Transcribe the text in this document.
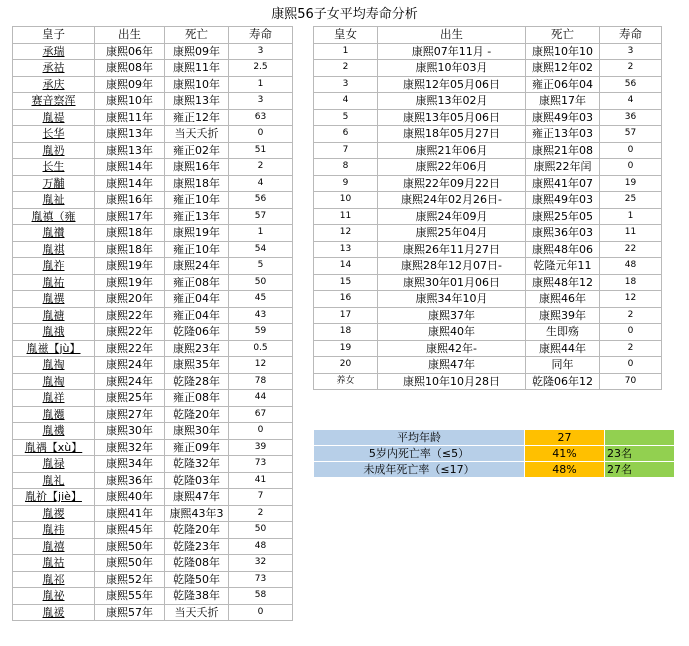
康熙56子女平均寿命分析
皇子	出生	死亡	寿命
承瑞	康熙06年	康熙09年	3
承祜	康熙08年	康熙11年	2.5
承庆	康熙09年	康熙10年	1
赛音察浑	康熙10年	康熙13年	3
胤禔	康熙11年	雍正12年	63
长华	康熙13年	当天夭折	0
胤礽	康熙13年	雍正02年	51
长生	康熙14年	康熙16年	2
万黼	康熙14年	康熙18年	4
胤祉	康熙16年	雍正10年	56
胤禛（雍	康熙17年	雍正13年	57
胤禶	康熙18年	康熙19年	1
胤祺	康熙18年	雍正10年	54
胤祚	康熙19年	康熙24年	5
胤祐	康熙19年	雍正08年	50
胤禩	康熙20年	雍正04年	45
胤禟	康熙22年	雍正04年	43
胤䄉	康熙22年	乾隆06年	59
胤禌【jù】	康熙22年	康熙23年	0.5
胤祹	康熙24年	康熙35年	12
胤祹	康熙24年	乾隆28年	78
胤祥	康熙25年	雍正08年	44
胤禵	康熙27年	乾隆20年	67
胤禨	康熙30年	康熙30年	0
胤禑【xù】	康熙32年	雍正09年	39
胤禄	康熙34年	乾隆32年	73
胤礼	康熙36年	乾隆03年	41
胤祄【jiè】	康熙40年	康熙47年	7
胤禝	康熙41年	康熙43年3	2
胤祎	康熙45年	乾隆20年	50
胤禧	康熙50年	乾隆23年	48
胤祜	康熙50年	乾隆08年	32
胤祁	康熙52年	乾隆50年	73
胤祕	康熙55年	乾隆38年	58
胤禐	康熙57年	当天夭折	0
皇女	出生	死亡	寿命
1	康熙07年11月 -	康熙10年10	3
2	康熙10年03月	康熙12年02	2
3	康熙12年05月06日	雍正06年04	56
4	康熙13年02月	康熙17年	4
5	康熙13年05月06日	康熙49年03	36
6	康熙18年05月27日	雍正13年03	57
7	康熙21年06月	康熙21年08	0
8	康熙22年06月	康熙22年闰	0
9	康熙22年09月22日	康熙41年07	19
10	康熙24年02月26日-	康熙49年03	25
11	康熙24年09月	康熙25年05	1
12	康熙25年04月	康熙36年03	11
13	康熙26年11月27日	康熙48年06	22
14	康熙28年12月07日-	乾隆元年11	48
15	康熙30年01月06日	康熙48年12	18
16	康熙34年10月	康熙46年	12
17	康熙37年	康熙39年	2
18	康熙40年	生即殇	0
19	康熙42年-	康熙44年	2
20	康熙47年	同年	0
养女	康熙10年10月28日	乾隆06年12	70
平均年龄	27	
5岁内死亡率（≤5）	41%	23名
未成年死亡率（≤17）	48%	27名
